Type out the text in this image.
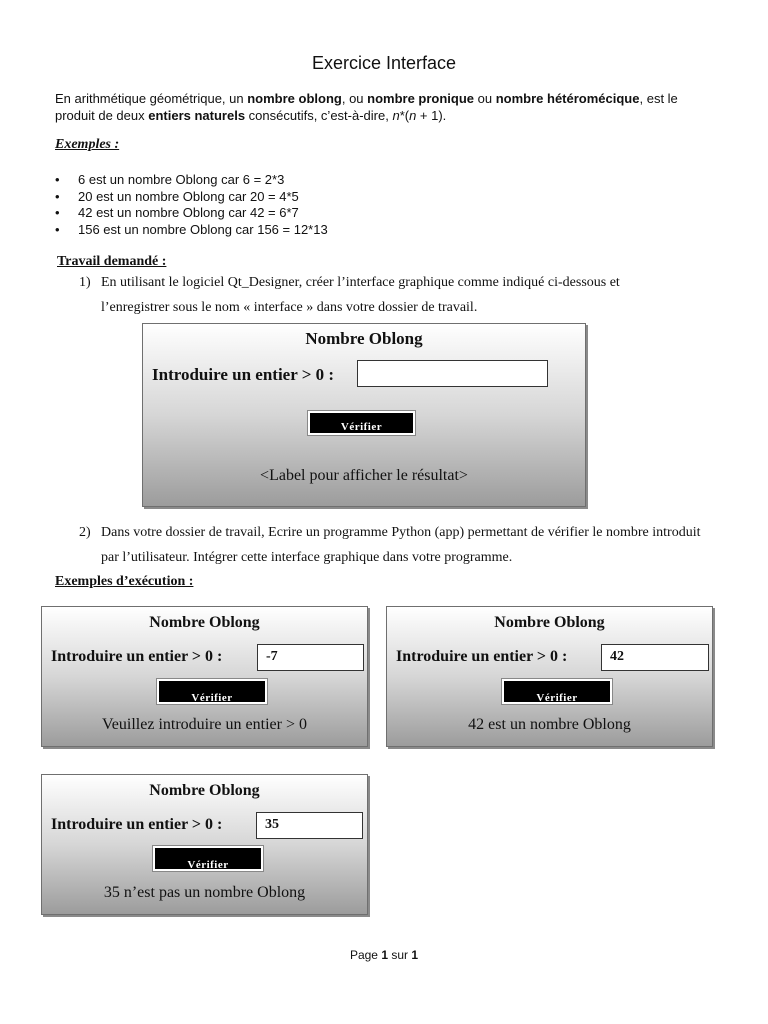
Exercice Interface
En arithmétique géométrique, un nombre oblong, ou nombre pronique ou nombre hétéromécique, est le produit de deux entiers naturels consécutifs, c’est-à-dire, n*(n + 1).
Exemples :
• 6 est un nombre Oblong car 6 = 2*3
• 20 est un nombre Oblong car 20 = 4*5
• 42 est un nombre Oblong car 42 = 6*7
• 156 est un nombre Oblong car 156 = 12*13
Travail demandé :
1) En utilisant le logiciel Qt_Designer, créer l’interface graphique comme indiqué ci-dessous et l’enregistrer sous le nom « interface » dans votre dossier de travail.
Nombre Oblong
Introduire un entier > 0 :
Vérifier
<Label pour afficher le résultat>
2) Dans votre dossier de travail, Ecrire un programme Python (app) permettant de vérifier le nombre introduit par l’utilisateur. Intégrer cette interface graphique dans votre programme.
Exemples d’exécution :
Nombre Oblong
Introduire un entier > 0 :	-7
Vérifier
Veuillez introduire un entier > 0
Nombre Oblong
Introduire un entier > 0 :	42
Vérifier
42 est un nombre Oblong
Nombre Oblong
Introduire un entier > 0 :	35
Vérifier
35 n’est pas un nombre Oblong
Page 1 sur 1
